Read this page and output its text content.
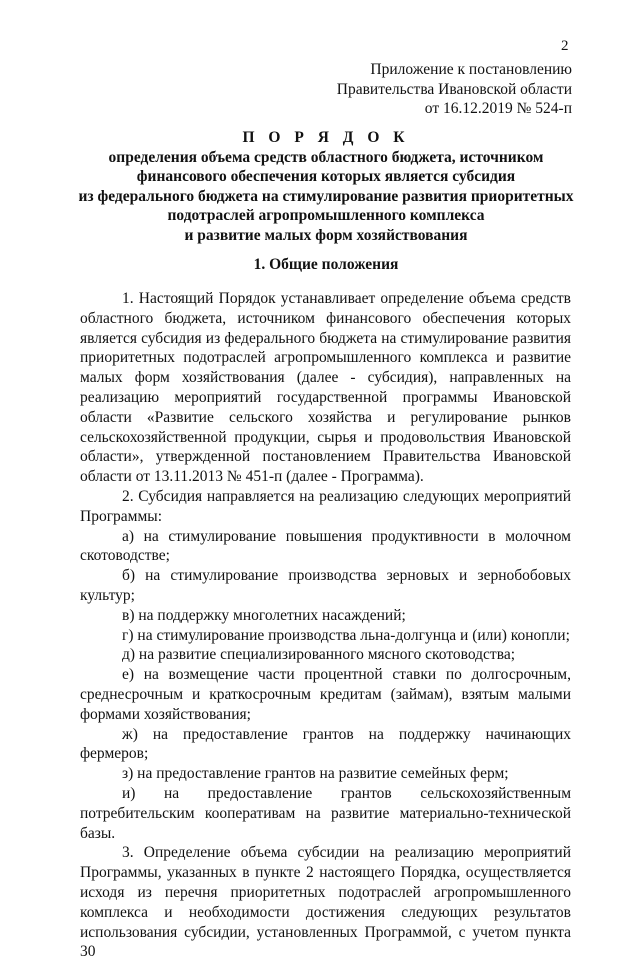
2
Приложение к постановлению
Правительства Ивановской области
от 16.12.2019 № 524-п
П О Р Я Д О К
определения объема средств областного бюджета, источником
финансового обеспечения которых является субсидия
из федерального бюджета на стимулирование развития приоритетных
подотраслей агропромышленного комплекса
и развитие малых форм хозяйствования
1. Общие положения

1. Настоящий Порядок устанавливает определение объема средств областного бюджета, источником финансового обеспечения которых является субсидия из федерального бюджета на стимулирование развития приоритетных подотраслей агропромышленного комплекса и развитие малых форм хозяйствования (далее - субсидия), направленных на реализацию мероприятий государственной программы Ивановской области «Развитие сельского хозяйства и регулирование рынков сельскохозяйственной продукции, сырья и продовольствия Ивановской области», утвержденной постановлением Правительства Ивановской области от 13.11.2013 № 451-п (далее - Программа).

2. Субсидия направляется на реализацию следующих мероприятий Программы:

а) на стимулирование повышения продуктивности в молочном скотоводстве;

б) на стимулирование производства зерновых и зернобобовых культур;

в) на поддержку многолетних насаждений;

г) на стимулирование производства льна-долгунца и (или) конопли;

д) на развитие специализированного мясного скотоводства;

е) на возмещение части процентной ставки по долгосрочным, среднесрочным и краткосрочным кредитам (займам), взятым малыми формами хозяйствования;

ж) на предоставление грантов на поддержку начинающих фермеров;

з) на предоставление грантов на развитие семейных ферм;

и) на предоставление грантов сельскохозяйственным потребительским кооперативам на развитие материально-технической базы.

3. Определение объема субсидии на реализацию мероприятий Программы, указанных в пункте 2 настоящего Порядка, осуществляется исходя из перечня приоритетных подотраслей агропромышленного комплекса и необходимости достижения следующих результатов использования субсидии, установленных Программой, с учетом пункта 30
